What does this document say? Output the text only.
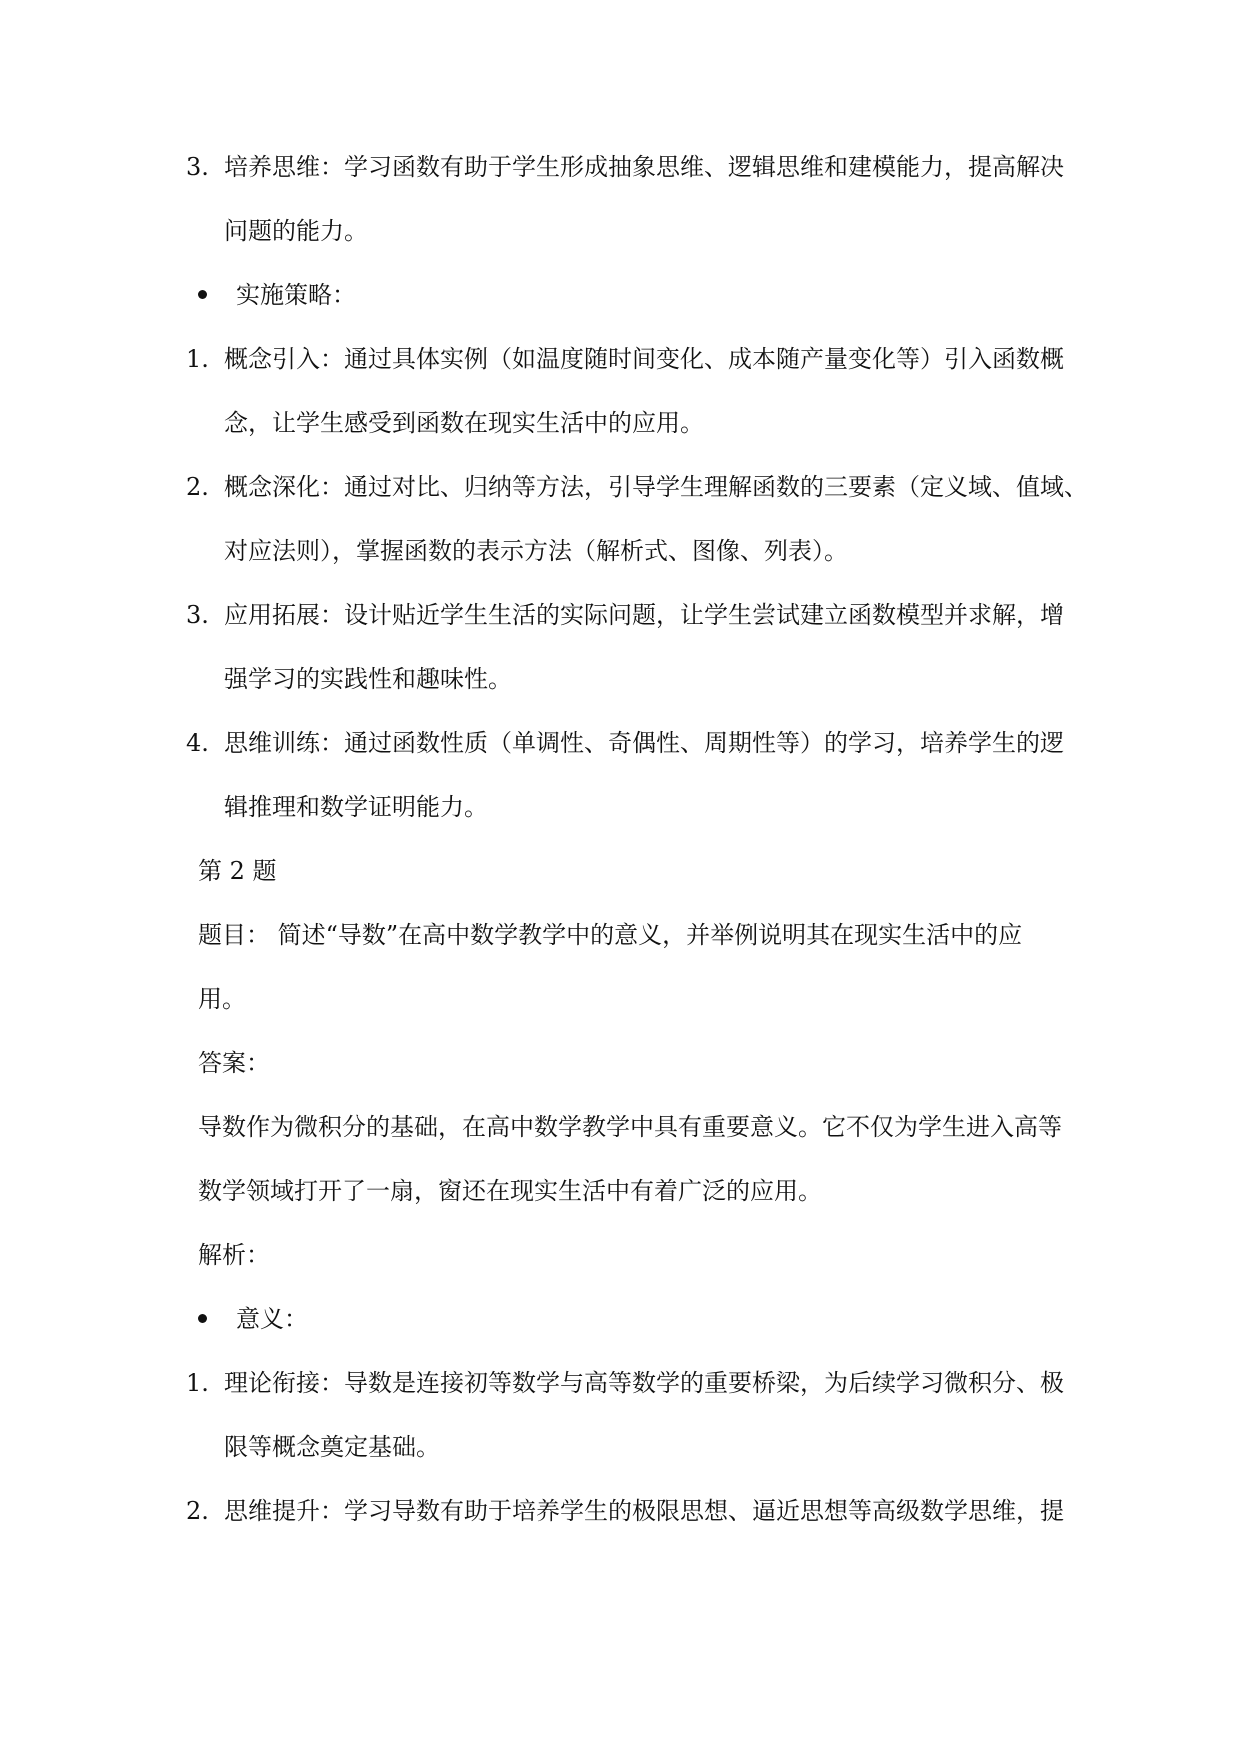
3. 培养思维：学习函数有助于学生形成抽象思维、逻辑思维和建模能力，提高解决
问题的能力。
实施策略：
1. 概念引入：通过具体实例（如温度随时间变化、成本随产量变化等）引入函数概
念，让学生感受到函数在现实生活中的应用。
2. 概念深化：通过对比、归纳等方法，引导学生理解函数的三要素（定义域、值域、
对应法则），掌握函数的表示方法（解析式、图像、列表）。
3. 应用拓展：设计贴近学生生活的实际问题，让学生尝试建立函数模型并求解，增
强学习的实践性和趣味性。
4. 思维训练：通过函数性质（单调性、奇偶性、周期性等）的学习，培养学生的逻
辑推理和数学证明能力。
第 2 题
题目： 简述“导数”在高中数学教学中的意义，并举例说明其在现实生活中的应
用。
答案：
导数作为微积分的基础，在高中数学教学中具有重要意义。它不仅为学生进入高等
数学领域打开了一扇，窗还在现实生活中有着广泛的应用。
解析：
意义：
1. 理论衔接：导数是连接初等数学与高等数学的重要桥梁，为后续学习微积分、极
限等概念奠定基础。
2. 思维提升：学习导数有助于培养学生的极限思想、逼近思想等高级数学思维，提
